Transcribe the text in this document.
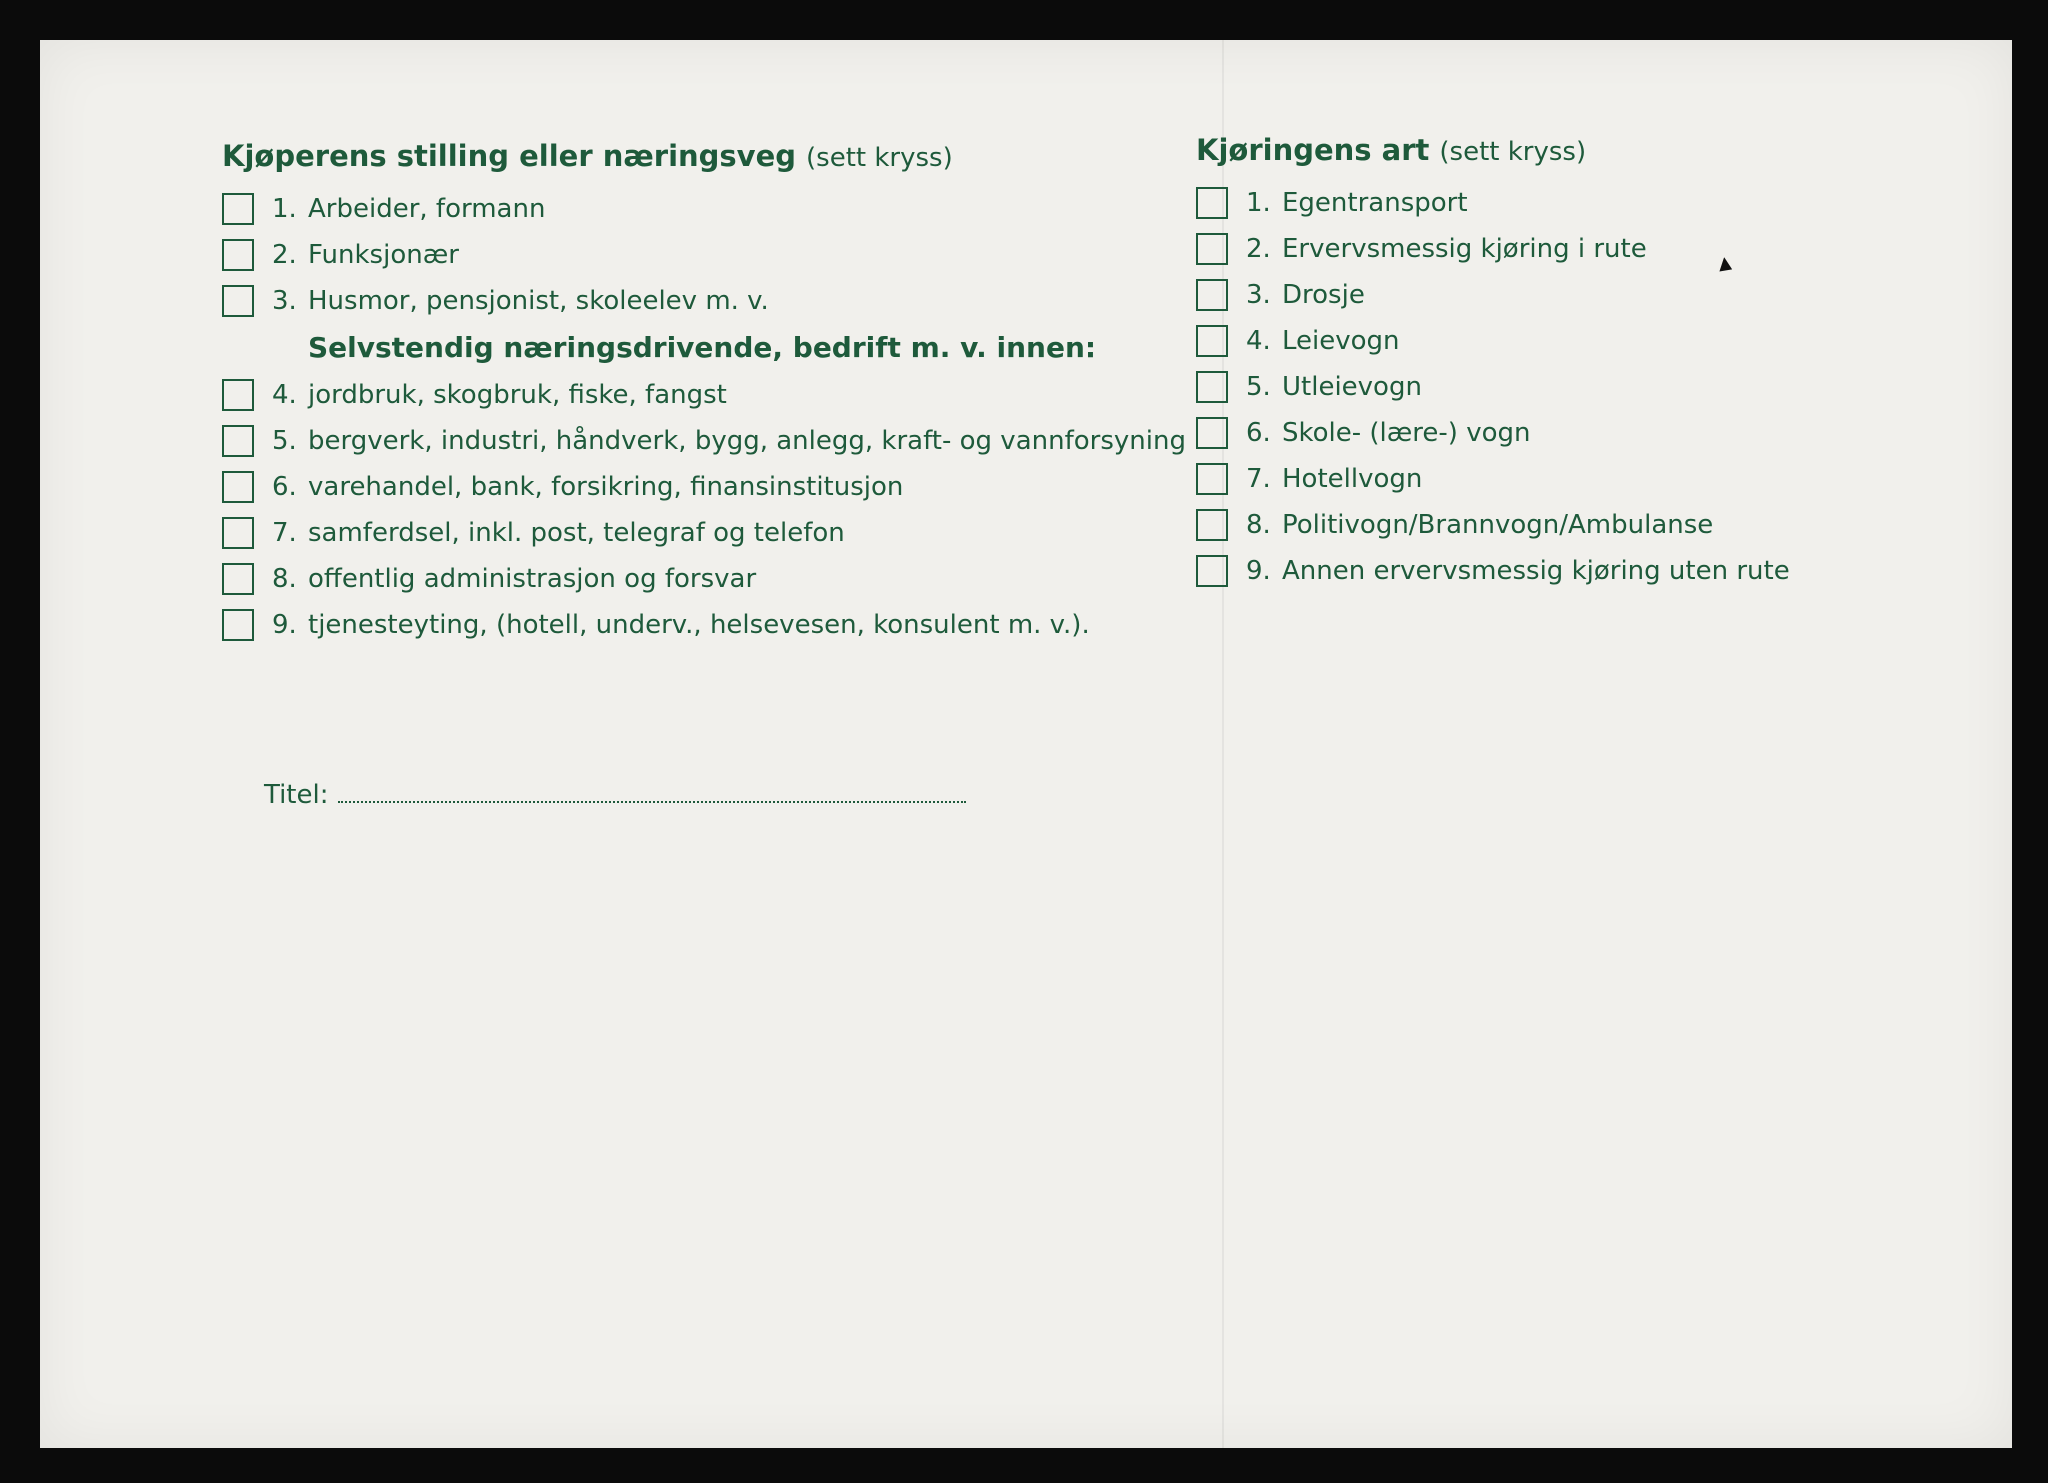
Kjøperens stilling eller næringsveg (sett kryss)
1. Arbeider, formann
2. Funksjonær
3. Husmor, pensjonist, skoleelev m. v.
Selvstendig næringsdrivende, bedrift m. v. innen:
4. jordbruk, skogbruk, fiske, fangst
5. bergverk, industri, håndverk, bygg, anlegg, kraft- og vannforsyning
6. varehandel, bank, forsikring, finansinstitusjon
7. samferdsel, inkl. post, telegraf og telefon
8. offentlig administrasjon og forsvar
9. tjenesteyting, (hotell, underv., helsevesen, konsulent m. v.).
Titel:
Kjøringens art (sett kryss)
1. Egentransport
2. Ervervsmessig kjøring i rute
3. Drosje
4. Leievogn
5. Utleievogn
6. Skole- (lære-) vogn
7. Hotellvogn
8. Politivogn/Brannvogn/Ambulanse
9. Annen ervervsmessig kjøring uten rute
